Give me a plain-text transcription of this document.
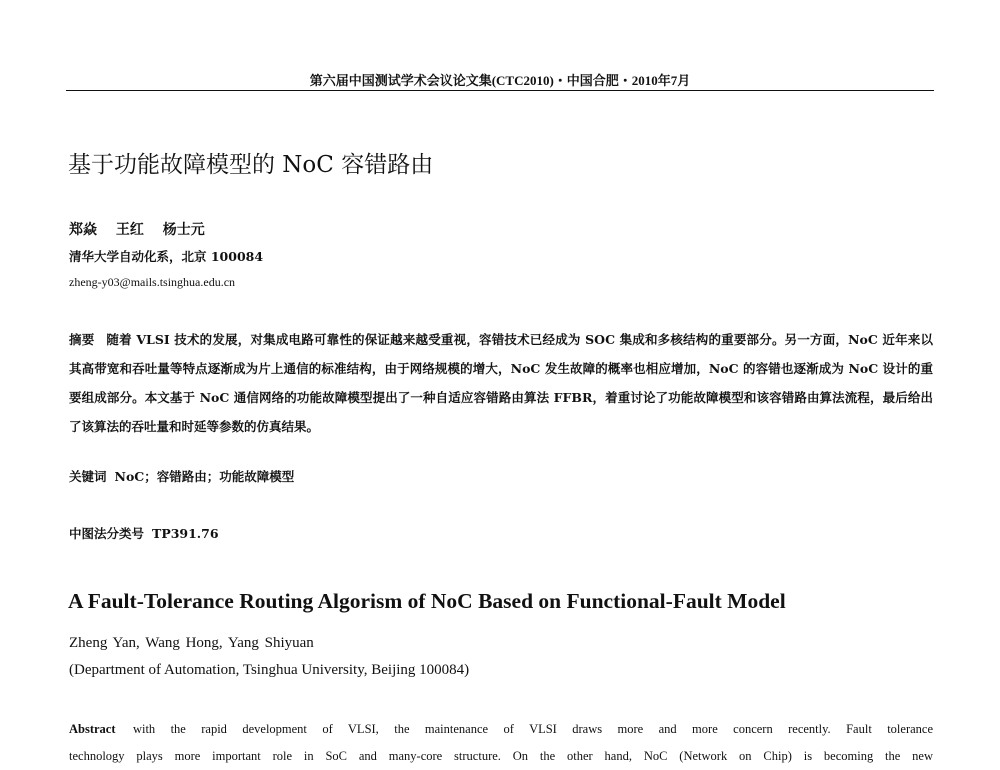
第六届中国测试学术会议论文集(CTC2010)・中国合肥・2010年7月
基于功能故障模型的 NoC 容错路由
郑焱 王红 杨士元
清华大学自动化系，北京 100084
zheng-y03@mails.tsinghua.edu.cn
摘要 随着 VLSI 技术的发展，对集成电路可靠性的保证越来越受重视，容错技术已经成为 SOC 集成和多核结构的重要部分。另一方面，NoC 近年来以其高带宽和吞吐量等特点逐渐成为片上通信的标准结构，由于网络规模的增大，NoC 发生故障的概率也相应增加，NoC 的容错也逐渐成为 NoC 设计的重要组成部分。本文基于 NoC 通信网络的功能故障模型提出了一种自适应容错路由算法 FFBR，着重讨论了功能故障模型和该容错路由算法流程，最后给出了该算法的吞吐量和时延等参数的仿真结果。
关键词 NoC；容错路由；功能故障模型
中图法分类号 TP391.76
A Fault-Tolerance Routing Algorism of NoC Based on Functional-Fault Model
Zheng Yan, Wang Hong, Yang Shiyuan
(Department of Automation, Tsinghua University, Beijing 100084)
Abstract with the rapid development of VLSI, the maintenance of VLSI draws more and more concern recently. Fault tolerance
technology plays more important role in SoC and many-core structure. On the other hand, NoC (Network on Chip) is becoming the new
